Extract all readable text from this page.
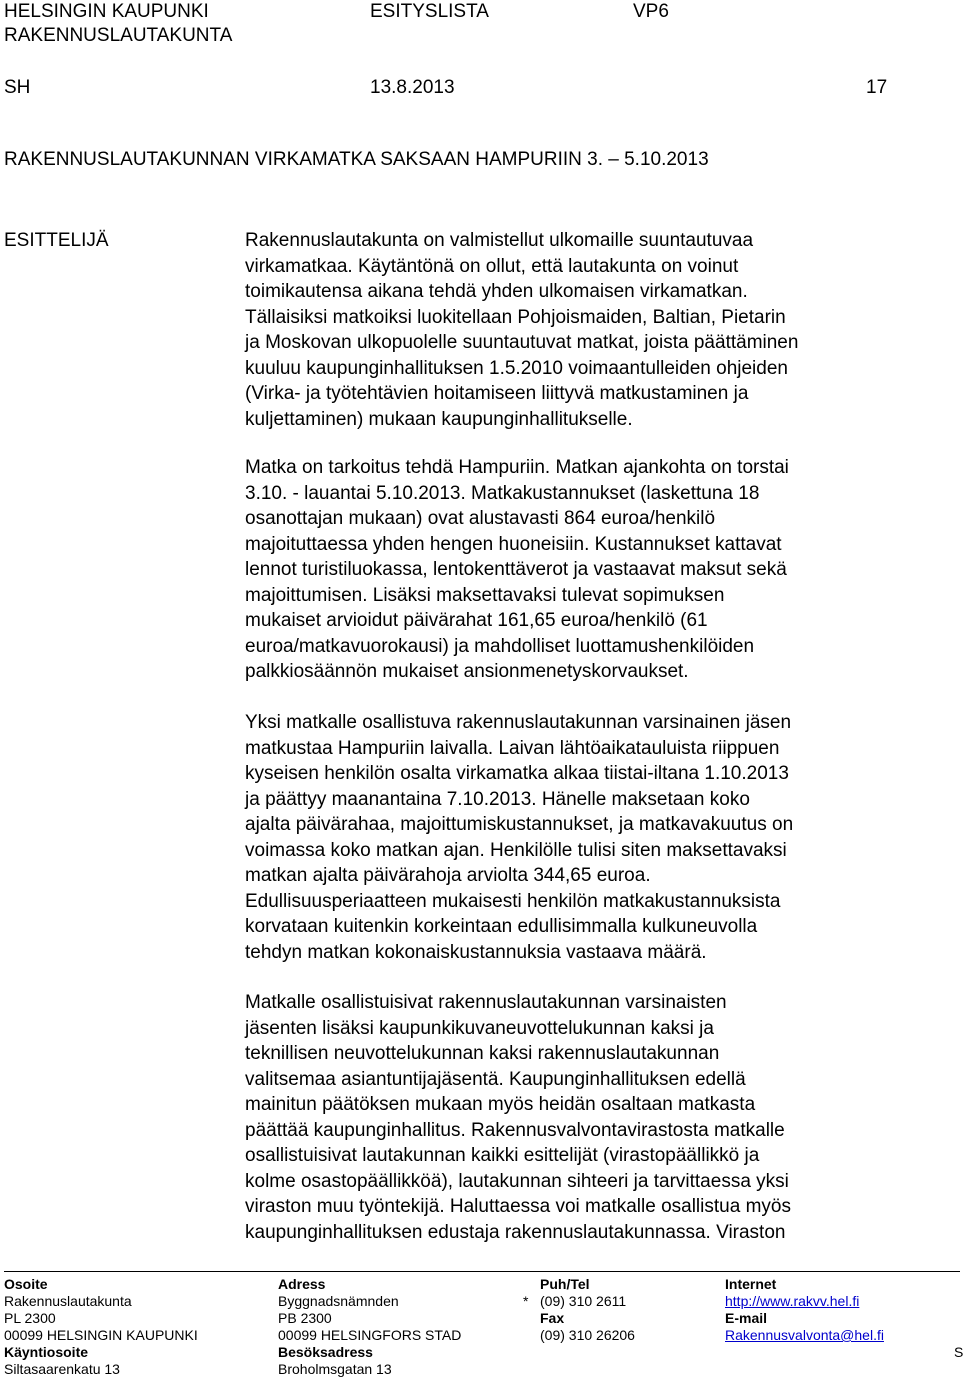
HELSINGIN KAUPUNKI
RAKENNUSLAUTAKUNTA
ESITYSLISTA	VP6
SH	13.8.2013	17
RAKENNUSLAUTAKUNNAN VIRKAMATKA SAKSAAN HAMPURIIN 3. – 5.10.2013
ESITTELIJÄ	Rakennuslautakunta on valmistellut ulkomaille suuntautuvaa

virkamatkaa. Käytäntönä on ollut, että lautakunta on voinut

toimikautensa aikana tehdä yhden ulkomaisen virkamatkan.

Tällaisiksi matkoiksi luokitellaan Pohjoismaiden, Baltian, Pietarin

ja Moskovan ulkopuolelle suuntautuvat matkat, joista päättäminen

kuuluu kaupunginhallituksen 1.5.2010 voimaantulleiden ohjeiden

(Virka- ja työtehtävien hoitamiseen liittyvä matkustaminen ja

kuljettaminen) mukaan kaupunginhallitukselle.

Matka on tarkoitus tehdä Hampuriin. Matkan ajankohta on torstai

3.10. - lauantai 5.10.2013. Matkakustannukset (laskettuna 18

osanottajan mukaan) ovat alustavasti 864 euroa/henkilö

majoituttaessa yhden hengen huoneisiin. Kustannukset kattavat

lennot turistiluokassa, lentokenttäverot ja vastaavat maksut sekä

majoittumisen. Lisäksi maksettavaksi tulevat sopimuksen

mukaiset arvioidut päivärahat 161,65 euroa/henkilö (61

euroa/matkavuorokausi) ja mahdolliset luottamushenkilöiden

palkkiosäännön mukaiset ansionmenetyskorvaukset.

Yksi matkalle osallistuva rakennuslautakunnan varsinainen jäsen

matkustaa Hampuriin laivalla. Laivan lähtöaikatauluista riippuen

kyseisen henkilön osalta virkamatka alkaa tiistai-iltana 1.10.2013

ja päättyy maanantaina 7.10.2013. Hänelle maksetaan koko

ajalta päivärahaa, majoittumiskustannukset, ja matkavakuutus on

voimassa koko matkan ajan. Henkilölle tulisi siten maksettavaksi

matkan ajalta päivärahoja arviolta 344,65 euroa.

Edullisuusperiaatteen mukaisesti henkilön matkakustannuksista

korvataan kuitenkin korkeintaan edullisimmalla kulkuneuvolla

tehdyn matkan kokonaiskustannuksia vastaava määrä.

Matkalle osallistuisivat rakennuslautakunnan varsinaisten

jäsenten lisäksi kaupunkikuvaneuvottelukunnan kaksi ja

teknillisen neuvottelukunnan kaksi rakennuslautakunnan

valitsemaa asiantuntijajäsentä. Kaupunginhallituksen edellä

mainitun päätöksen mukaan myös heidän osaltaan matkasta

päättää kaupunginhallitus. Rakennusvalvontavirastosta matkalle

osallistuisivat lautakunnan kaikki esittelijät (virastopäällikkö ja

kolme osastopäällikköä), lautakunnan sihteeri ja tarvittaessa yksi

viraston muu työntekijä. Haluttaessa voi matkalle osallistua myös

kaupunginhallituksen edustaja rakennuslautakunnassa. Viraston

Osoite
Rakennuslautakunta
PL 2300
00099 HELSINGIN KAUPUNKI
Käyntiosoite
Siltasaarenkatu 13
Adress
Byggnadsnämnden
PB 2300
00099 HELSINGFORS STAD
Besöksadress
Broholmsgatan 13
*
Puh/Tel
(09) 310 2611
Fax
(09) 310 26206
Internet
http://www.rakvv.hel.fi
E-mail
Rakennusvalvonta@hel.fi
S
